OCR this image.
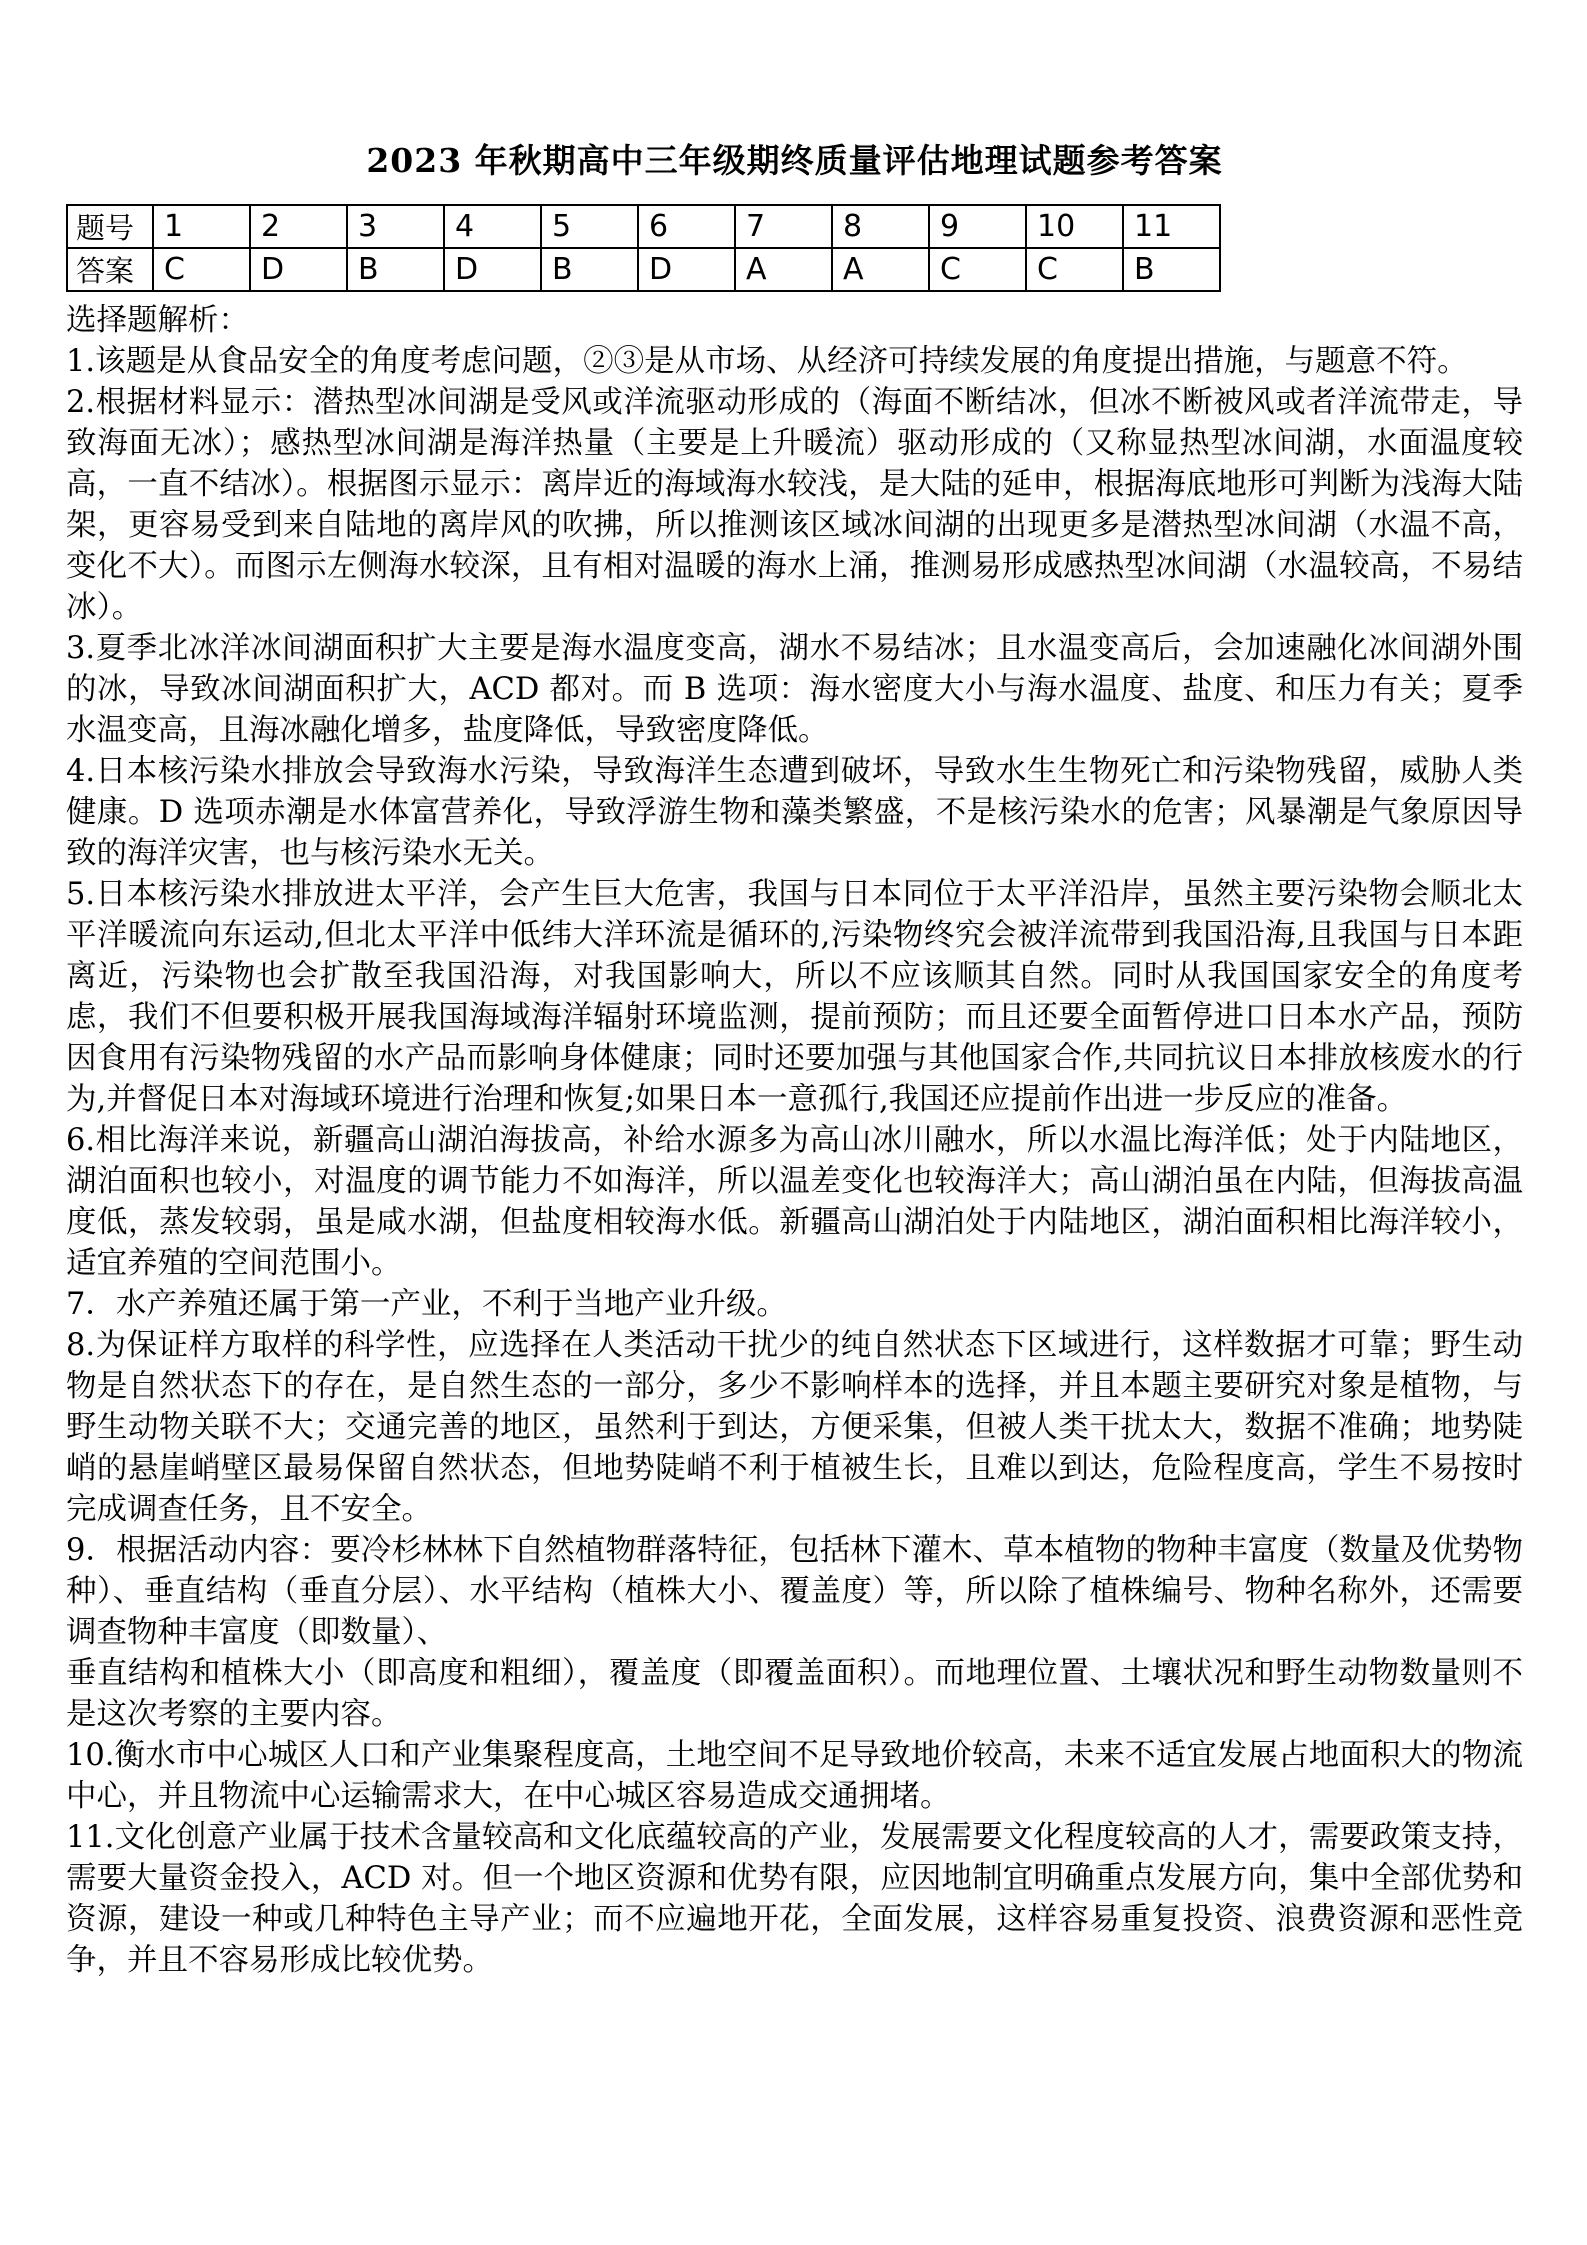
2023 年秋期高中三年级期终质量评估地理试题参考答案
题号	1	2	3	4	5	6	7	8	9	10	11
答案	C	D	B	D	B	D	A	A	C	C	B

选择题解析：

1.该题是从食品安全的角度考虑问题，②③是从市场、从经济可持续发展的角度提出措施，与题意不符。

2.根据材料显示：潜热型冰间湖是受风或洋流驱动形成的（海面不断结冰，但冰不断被风或者洋流带走，导致海面无冰）；感热型冰间湖是海洋热量（主要是上升暖流）驱动形成的（又称显热型冰间湖，水面温度较高，一直不结冰）。根据图示显示：离岸近的海域海水较浅，是大陆的延申，根据海底地形可判断为浅海大陆架，更容易受到来自陆地的离岸风的吹拂，所以推测该区域冰间湖的出现更多是潜热型冰间湖（水温不高，变化不大）。而图示左侧海水较深，且有相对温暖的海水上涌，推测易形成感热型冰间湖（水温较高，不易结冰）。

3.夏季北冰洋冰间湖面积扩大主要是海水温度变高，湖水不易结冰；且水温变高后，会加速融化冰间湖外围的冰，导致冰间湖面积扩大，ACD 都对。而 B 选项：海水密度大小与海水温度、盐度、和压力有关；夏季水温变高，且海冰融化增多，盐度降低，导致密度降低。

4.日本核污染水排放会导致海水污染，导致海洋生态遭到破坏，导致水生生物死亡和污染物残留，威胁人类健康。D 选项赤潮是水体富营养化，导致浮游生物和藻类繁盛，不是核污染水的危害；风暴潮是气象原因导致的海洋灾害，也与核污染水无关。

5.日本核污染水排放进太平洋，会产生巨大危害，我国与日本同位于太平洋沿岸，虽然主要污染物会顺北太平洋暖流向东运动,但北太平洋中低纬大洋环流是循环的,污染物终究会被洋流带到我国沿海,且我国与日本距离近，污染物也会扩散至我国沿海，对我国影响大，所以不应该顺其自然。同时从我国国家安全的角度考虑，我们不但要积极开展我国海域海洋辐射环境监测，提前预防；而且还要全面暂停进口日本水产品，预防因食用有污染物残留的水产品而影响身体健康；同时还要加强与其他国家合作,共同抗议日本排放核废水的行为,并督促日本对海域环境进行治理和恢复;如果日本一意孤行,我国还应提前作出进一步反应的准备。

6.相比海洋来说，新疆高山湖泊海拔高，补给水源多为高山冰川融水，所以水温比海洋低；处于内陆地区，湖泊面积也较小，对温度的调节能力不如海洋，所以温差变化也较海洋大；高山湖泊虽在内陆，但海拔高温度低，蒸发较弱，虽是咸水湖，但盐度相较海水低。新疆高山湖泊处于内陆地区，湖泊面积相比海洋较小，适宜养殖的空间范围小。

7．水产养殖还属于第一产业，不利于当地产业升级。

8.为保证样方取样的科学性，应选择在人类活动干扰少的纯自然状态下区域进行，这样数据才可靠；野生动物是自然状态下的存在，是自然生态的一部分，多少不影响样本的选择，并且本题主要研究对象是植物，与野生动物关联不大；交通完善的地区，虽然利于到达，方便采集，但被人类干扰太大，数据不准确；地势陡峭的悬崖峭壁区最易保留自然状态，但地势陡峭不利于植被生长，且难以到达，危险程度高，学生不易按时完成调查任务，且不安全。

9．根据活动内容：要冷杉林林下自然植物群落特征，包括林下灌木、草本植物的物种丰富度（数量及优势物种）、垂直结构（垂直分层）、水平结构（植株大小、覆盖度）等，所以除了植株编号、物种名称外，还需要调查物种丰富度（即数量）、

垂直结构和植株大小（即高度和粗细），覆盖度（即覆盖面积）。而地理位置、土壤状况和野生动物数量则不是这次考察的主要内容。

10.衡水市中心城区人口和产业集聚程度高，土地空间不足导致地价较高，未来不适宜发展占地面积大的物流中心，并且物流中心运输需求大，在中心城区容易造成交通拥堵。

11.文化创意产业属于技术含量较高和文化底蕴较高的产业，发展需要文化程度较高的人才，需要政策支持，需要大量资金投入，ACD 对。但一个地区资源和优势有限，应因地制宜明确重点发展方向，集中全部优势和资源，建设一种或几种特色主导产业；而不应遍地开花，全面发展，这样容易重复投资、浪费资源和恶性竞争，并且不容易形成比较优势。
